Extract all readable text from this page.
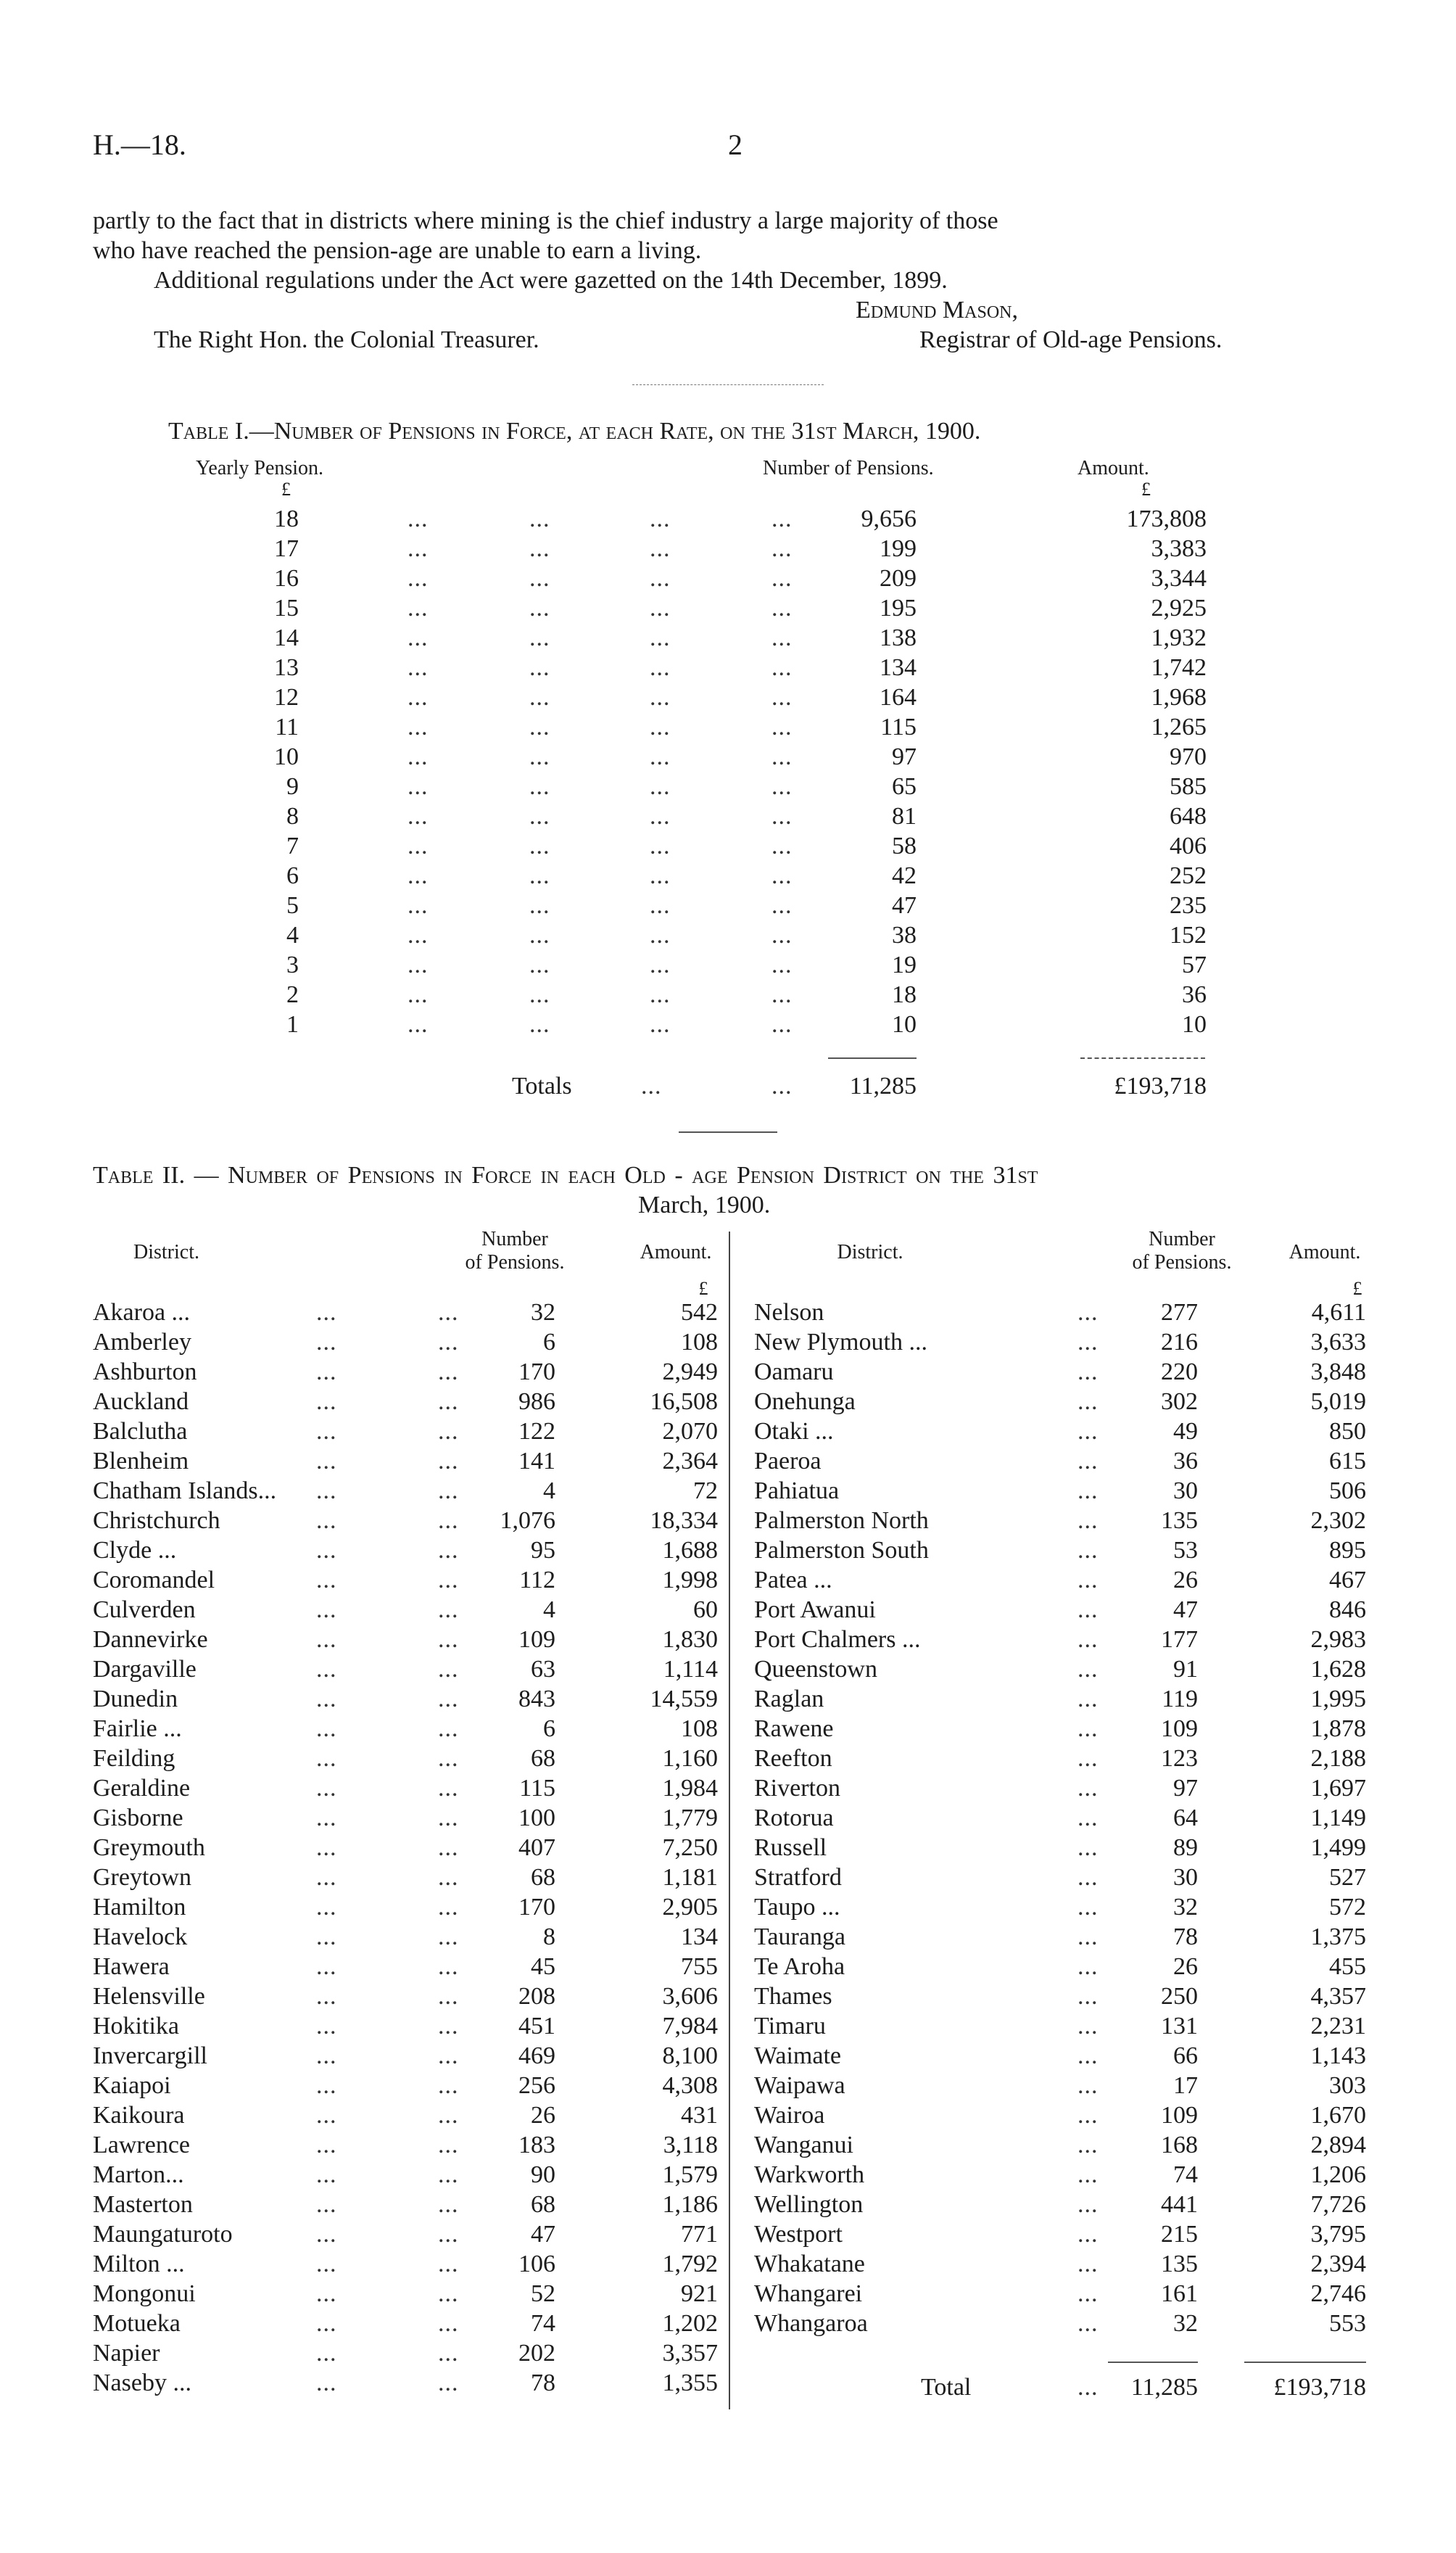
H.—18.	2
partly to the fact that in districts where mining is the chief industry a large majority of those
who have reached the pension-age are unable to earn a living.
Additional regulations under the Act were gazetted on the 14th December, 1899.
Edmund Mason,
The Right Hon. the Colonial Treasurer.	Registrar of Old-age Pensions.
Table I.—Number of Pensions in Force, at each Rate, on the 31st March, 1900.
Yearly Pension.
£
Number of Pensions.	Amount.
£
18	...	...	...	...	9,656	173,808
17	...	...	...	...	199	3,383
16	...	...	...	...	209	3,344
15	...	...	...	...	195	2,925
14	...	...	...	...	138	1,932
13	...	...	...	...	134	1,742
12	...	...	...	...	164	1,968
11	...	...	...	...	115	1,265
10	...	...	...	...	97	970
9	...	...	...	...	65	585
8	...	...	...	...	81	648
7	...	...	...	...	58	406
6	...	...	...	...	42	252
5	...	...	...	...	47	235
4	...	...	...	...	38	152
3	...	...	...	...	19	57
2	...	...	...	...	18	36
1	...	...	...	...	10	10
Totals	...	...	11,285	£193,718
Table II. — Number of Pensions in Force in each Old - age Pension District on the 31st
March, 1900.
District.
Number
of Pensions.	Amount.
£
District.
Number
of Pensions.	Amount.
£
Akaroa ...	...	...	32	542 Nelson	...	277	4,611
Amberley	...	...	6	108 New Plymouth ...	...	216	3,633
Ashburton	...	...	170	2,949 Oamaru	...	220	3,848
Auckland	...	...	986	16,508 Onehunga	...	302	5,019
Balclutha	...	...	122	2,070 Otaki ...	...	49	850
Blenheim	...	...	141	2,364 Paeroa	...	36	615
Chatham Islands... ...	...	4	72 Pahiatua	...	30	506
Christchurch	...	...	1,076	18,334 Palmerston North	...	135	2,302
Clyde ...	...	...	95	1,688 Palmerston South	...	53	895
Coromandel	...	...	112	1,998 Patea ...	...	26	467
Culverden	...	...	4	60 Port Awanui	...	47	846
Dannevirke	...	...	109	1,830 Port Chalmers ...	...	177	2,983
Dargaville	...	...	63	1,114 Queenstown	...	91	1,628
Dunedin	...	...	843	14,559 Raglan	...	119	1,995
Fairlie ...	...	...	6	108 Rawene	...	109	1,878
Feilding	...	...	68	1,160 Reefton	...	123	2,188
Geraldine	...	...	115	1,984 Riverton	...	97	1,697
Gisborne	...	...	100	1,779 Rotorua	...	64	1,149
Greymouth	...	...	407	7,250 Russell	...	89	1,499
Greytown	...	...	68	1,181 Stratford	...	30	527
Hamilton	...	...	170	2,905 Taupo ...	...	32	572
Havelock	...	...	8	134 Tauranga	...	78	1,375
Hawera	...	...	45	755 Te Aroha	...	26	455
Helensville	...	...	208	3,606 Thames	...	250	4,357
Hokitika	...	...	451	7,984 Timaru	...	131	2,231
Invercargill	...	...	469	8,100 Waimate	...	66	1,143
Kaiapoi	...	...	256	4,308 Waipawa	...	17	303
Kaikoura	...	...	26	431 Wairoa	...	109	1,670
Lawrence	...	...	183	3,118 Wanganui	...	168	2,894
Marton...	...	...	90	1,579 Warkworth	...	74	1,206
Masterton	...	...	68	1,186 Wellington	...	441	7,726
Maungaturoto	...	...	47	771 Westport	...	215	3,795
Milton ...	...	...	106	1,792 Whakatane	...	135	2,394
Mongonui	...	...	52	921 Whangarei	...	161	2,746
Motueka	...	...	74	1,202 Whangaroa	...	32	553
Napier	...	...	202	3,357
Naseby ...	...	...	78	1,355	Total	...	11,285	£193,718
